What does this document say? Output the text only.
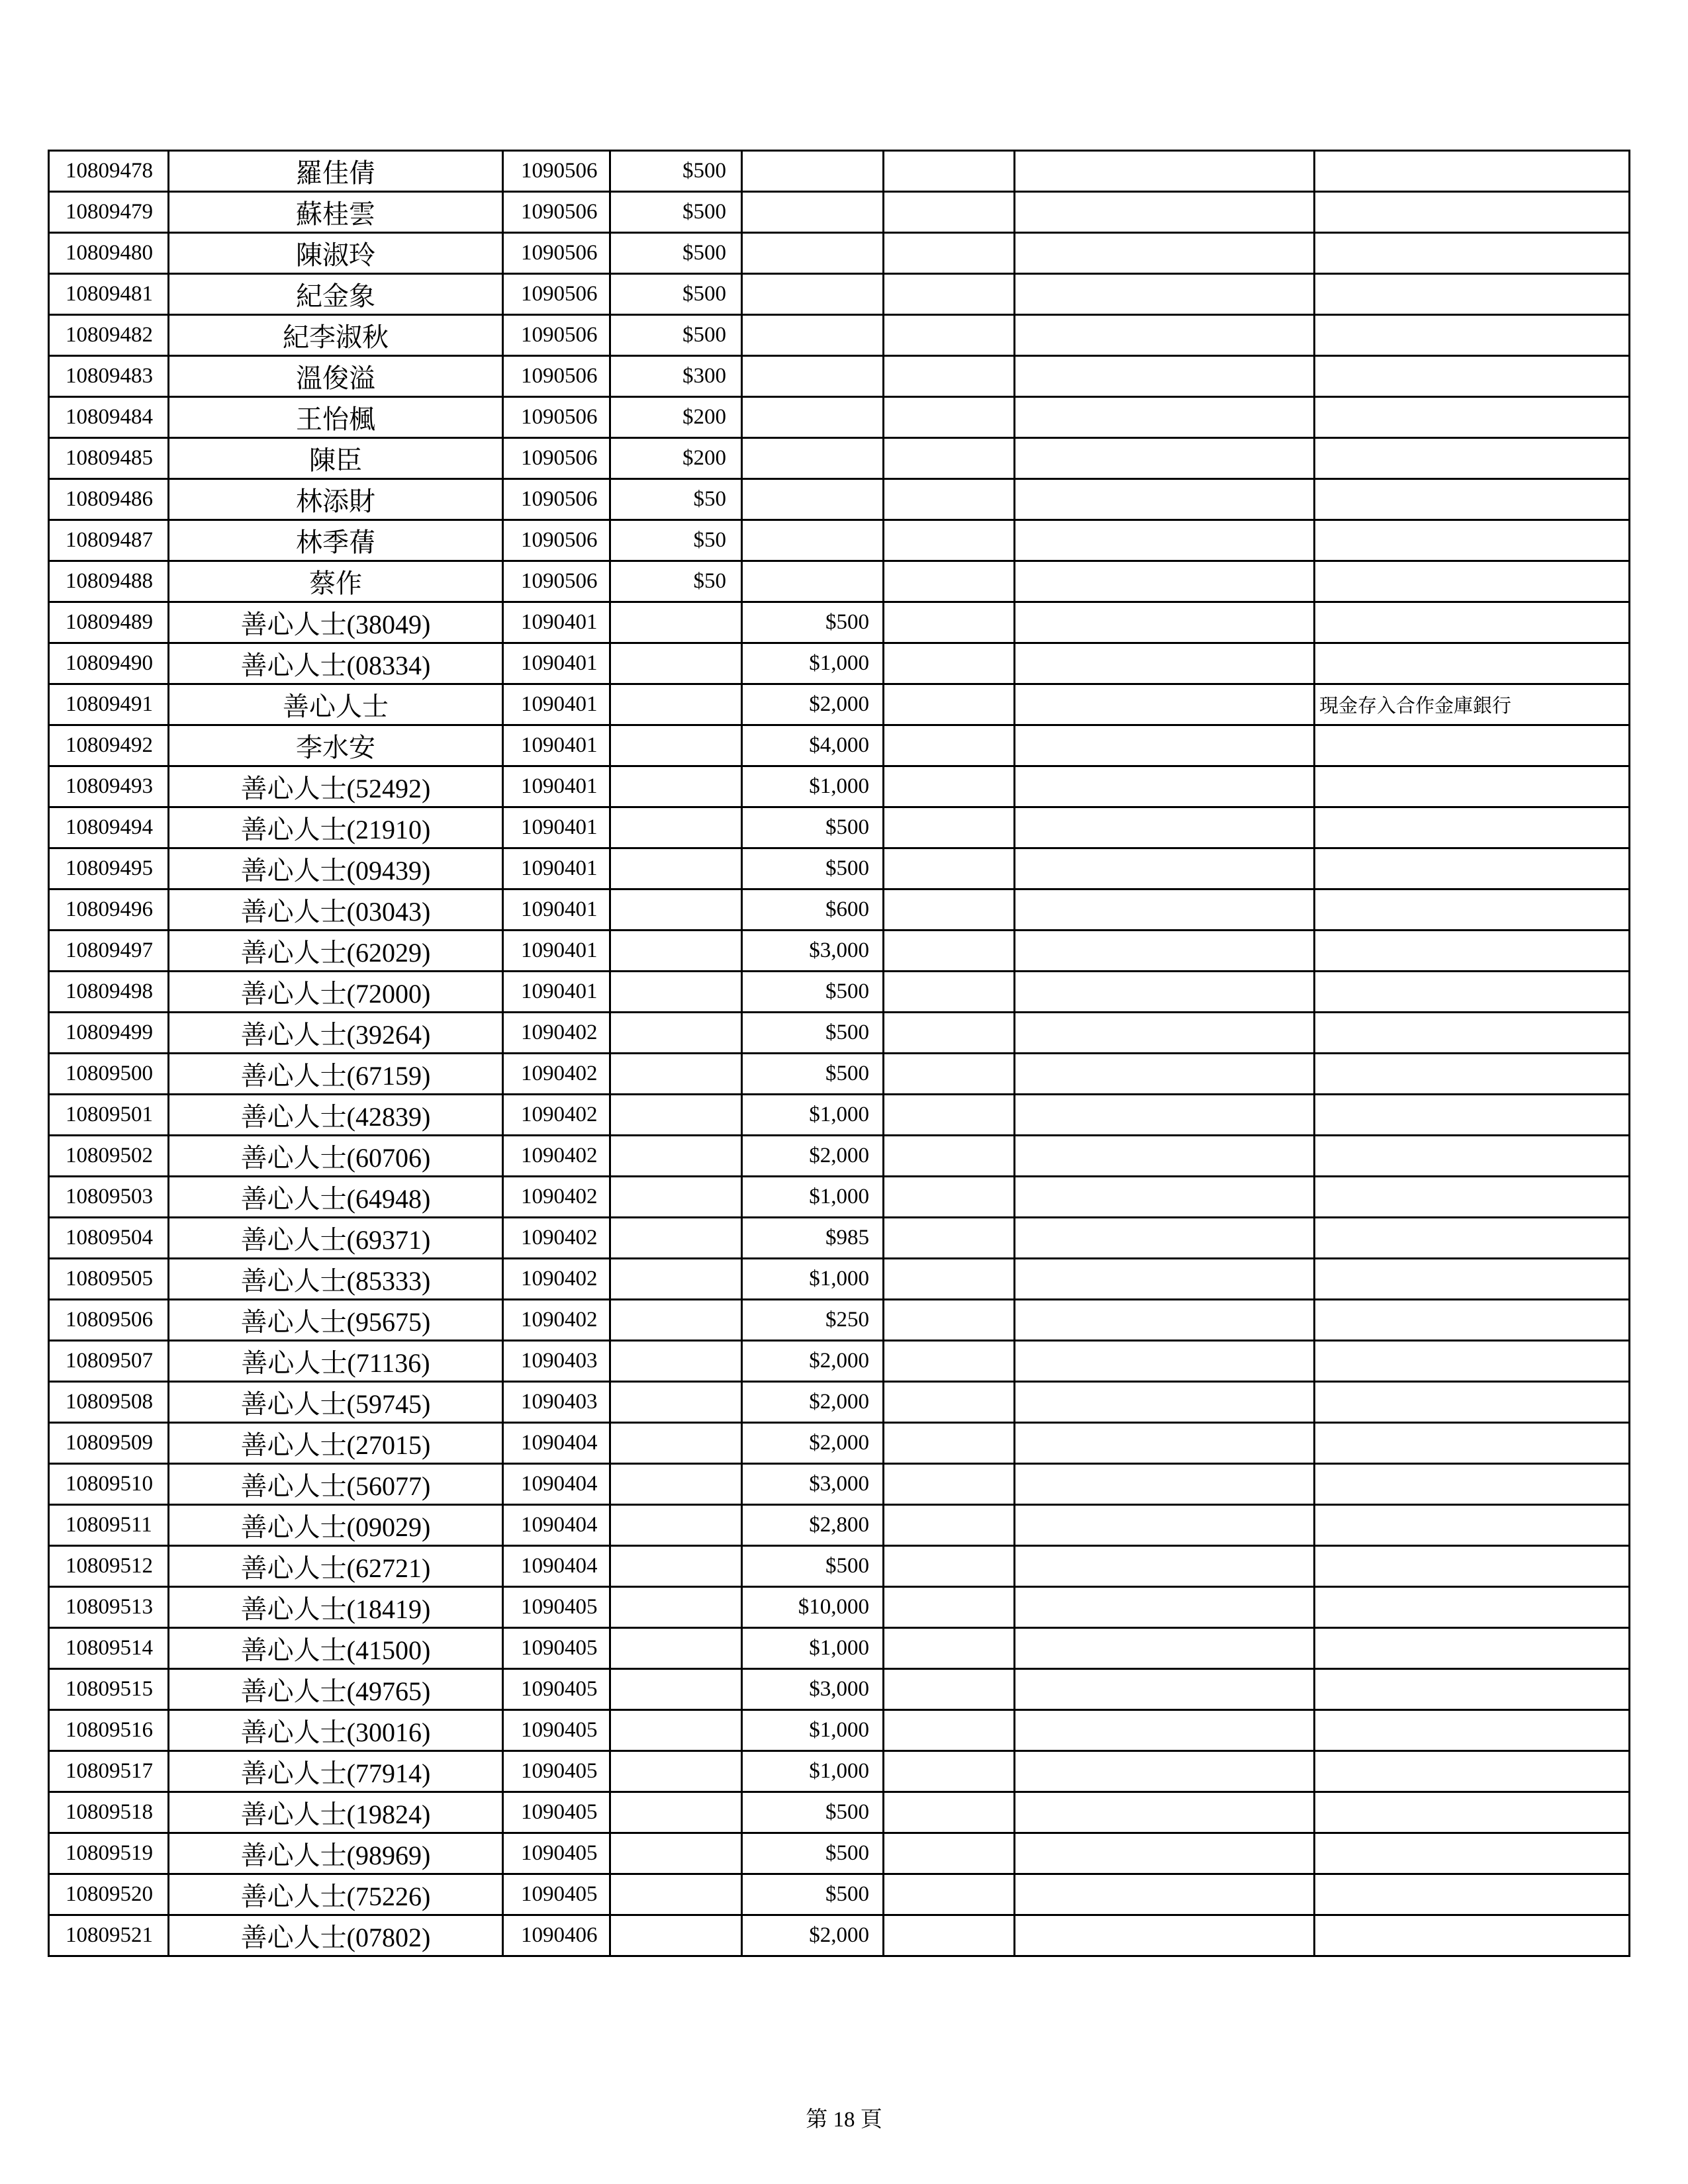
10809478	羅佳倩	1090506	$500				
10809479	蘇桂雲	1090506	$500				
10809480	陳淑玲	1090506	$500				
10809481	紀金象	1090506	$500				
10809482	紀李淑秋	1090506	$500				
10809483	溫俊溢	1090506	$300				
10809484	王怡楓	1090506	$200				
10809485	陳臣	1090506	$200				
10809486	林添財	1090506	$50				
10809487	林季蒨	1090506	$50				
10809488	蔡作	1090506	$50				
10809489	善心人士(38049)	1090401		$500			
10809490	善心人士(08334)	1090401		$1,000			
10809491	善心人士	1090401		$2,000			現金存入合作金庫銀行
10809492	李水安	1090401		$4,000			
10809493	善心人士(52492)	1090401		$1,000			
10809494	善心人士(21910)	1090401		$500			
10809495	善心人士(09439)	1090401		$500			
10809496	善心人士(03043)	1090401		$600			
10809497	善心人士(62029)	1090401		$3,000			
10809498	善心人士(72000)	1090401		$500			
10809499	善心人士(39264)	1090402		$500			
10809500	善心人士(67159)	1090402		$500			
10809501	善心人士(42839)	1090402		$1,000			
10809502	善心人士(60706)	1090402		$2,000			
10809503	善心人士(64948)	1090402		$1,000			
10809504	善心人士(69371)	1090402		$985			
10809505	善心人士(85333)	1090402		$1,000			
10809506	善心人士(95675)	1090402		$250			
10809507	善心人士(71136)	1090403		$2,000			
10809508	善心人士(59745)	1090403		$2,000			
10809509	善心人士(27015)	1090404		$2,000			
10809510	善心人士(56077)	1090404		$3,000			
10809511	善心人士(09029)	1090404		$2,800			
10809512	善心人士(62721)	1090404		$500			
10809513	善心人士(18419)	1090405		$10,000			
10809514	善心人士(41500)	1090405		$1,000			
10809515	善心人士(49765)	1090405		$3,000			
10809516	善心人士(30016)	1090405		$1,000			
10809517	善心人士(77914)	1090405		$1,000			
10809518	善心人士(19824)	1090405		$500			
10809519	善心人士(98969)	1090405		$500			
10809520	善心人士(75226)	1090405		$500			
10809521	善心人士(07802)	1090406		$2,000			
第 18 頁
